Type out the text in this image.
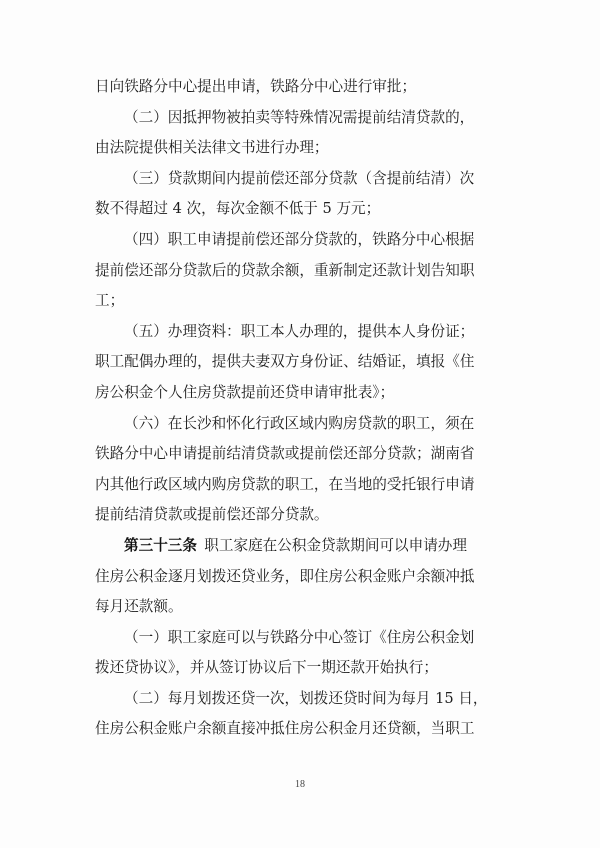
日向铁路分中心提出申请，铁路分中心进行审批；
（二）因抵押物被拍卖等特殊情况需提前结清贷款的，
由法院提供相关法律文书进行办理；
（三）贷款期间内提前偿还部分贷款（含提前结清）次
数不得超过 4 次，每次金额不低于 5 万元；
（四）职工申请提前偿还部分贷款的，铁路分中心根据
提前偿还部分贷款后的贷款余额，重新制定还款计划告知职
工；
（五）办理资料：职工本人办理的，提供本人身份证；
职工配偶办理的，提供夫妻双方身份证、结婚证，填报《住
房公积金个人住房贷款提前还贷申请审批表》；
（六）在长沙和怀化行政区域内购房贷款的职工，须在
铁路分中心申请提前结清贷款或提前偿还部分贷款；湖南省
内其他行政区域内购房贷款的职工，在当地的受托银行申请
提前结清贷款或提前偿还部分贷款。
第三十三条  职工家庭在公积金贷款期间可以申请办理
住房公积金逐月划拨还贷业务，即住房公积金账户余额冲抵
每月还款额。
（一）职工家庭可以与铁路分中心签订《住房公积金划
拨还贷协议》，并从签订协议后下一期还款开始执行；
（二）每月划拨还贷一次，划拨还贷时间为每月 15 日，
住房公积金账户余额直接冲抵住房公积金月还贷额，当职工
18
